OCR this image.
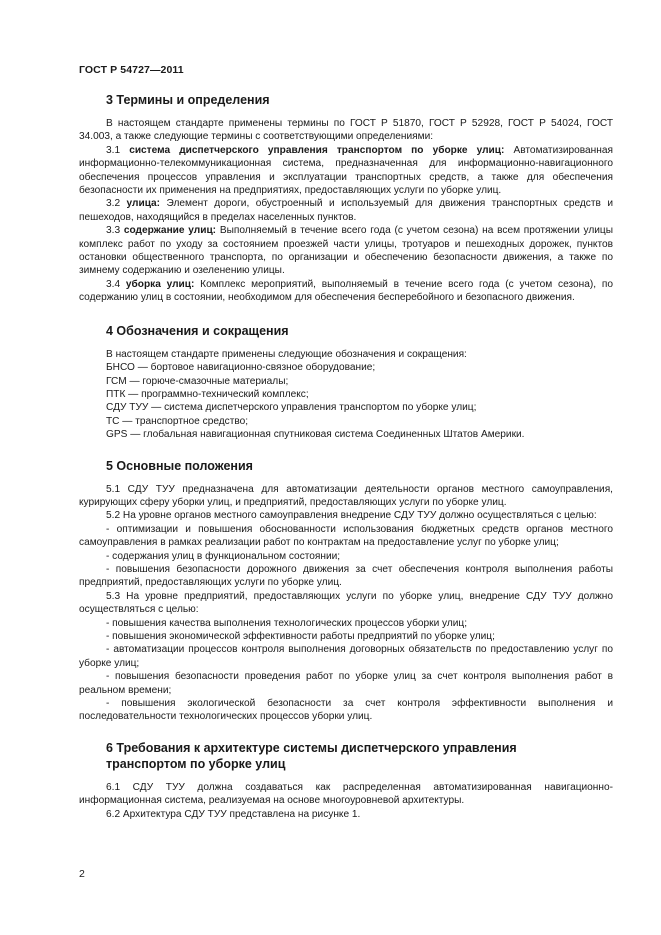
ГОСТ Р 54727—2011
3 Термины и определения

В настоящем стандарте применены термины по ГОСТ Р 51870, ГОСТ Р 52928, ГОСТ Р 54024, ГОСТ 34.003, а также следующие термины с соответствующими определениями:

3.1 система диспетчерского управления транспортом по уборке улиц: Автоматизированная информационно-телекоммуникационная система, предназначенная для информационно-навигационного обеспечения процессов управления и эксплуатации транспортных средств, а также для обеспечения безопасности их применения на предприятиях, предоставляющих услуги по уборке улиц.

3.2 улица: Элемент дороги, обустроенный и используемый для движения транспортных средств и пешеходов, находящийся в пределах населенных пунктов.

3.3 содержание улиц: Выполняемый в течение всего года (с учетом сезона) на всем протяжении улицы комплекс работ по уходу за состоянием проезжей части улицы, тротуаров и пешеходных дорожек, пунктов остановки общественного транспорта, по организации и обеспечению безопасности движения, а также по зимнему содержанию и озеленению улицы.

3.4 уборка улиц: Комплекс мероприятий, выполняемый в течение всего года (с учетом сезона), по содержанию улиц в состоянии, необходимом для обеспечения бесперебойного и безопасного движения.

4 Обозначения и сокращения

В настоящем стандарте применены следующие обозначения и сокращения:

БНСО — бортовое навигационно-связное оборудование;

ГСМ — горюче-смазочные материалы;

ПТК — программно-технический комплекс;

СДУ ТУУ — система диспетчерского управления транспортом по уборке улиц;

ТС — транспортное средство;

GPS — глобальная навигационная спутниковая система Соединенных Штатов Америки.

5 Основные положения

5.1 СДУ ТУУ предназначена для автоматизации деятельности органов местного самоуправления, курирующих сферу уборки улиц, и предприятий, предоставляющих услуги по уборке улиц.

5.2 На уровне органов местного самоуправления внедрение СДУ ТУУ должно осуществляться с целью:

- оптимизации и повышения обоснованности использования бюджетных средств органов местного самоуправления в рамках реализации работ по контрактам на предоставление услуг по уборке улиц;

- содержания улиц в функциональном состоянии;

- повышения безопасности дорожного движения за счет обеспечения контроля выполнения работы предприятий, предоставляющих услуги по уборке улиц.

5.3 На уровне предприятий, предоставляющих услуги по уборке улиц, внедрение СДУ ТУУ должно осуществляться с целью:

- повышения качества выполнения технологических процессов уборки улиц;

- повышения экономической эффективности работы предприятий по уборке улиц;

- автоматизации процессов контроля выполнения договорных обязательств по предоставлению услуг по уборке улиц;

- повышения безопасности проведения работ по уборке улиц за счет контроля выполнения работ в реальном времени;

- повышения экологической безопасности за счет контроля эффективности выполнения и последовательности технологических процессов уборки улиц.

6 Требования к архитектуре системы диспетчерского управления
транспортом по уборке улиц

6.1 СДУ ТУУ должна создаваться как распределенная автоматизированная навигационно-информационная система, реализуемая на основе многоуровневой архитектуры.

6.2 Архитектура СДУ ТУУ представлена на рисунке 1.

2
